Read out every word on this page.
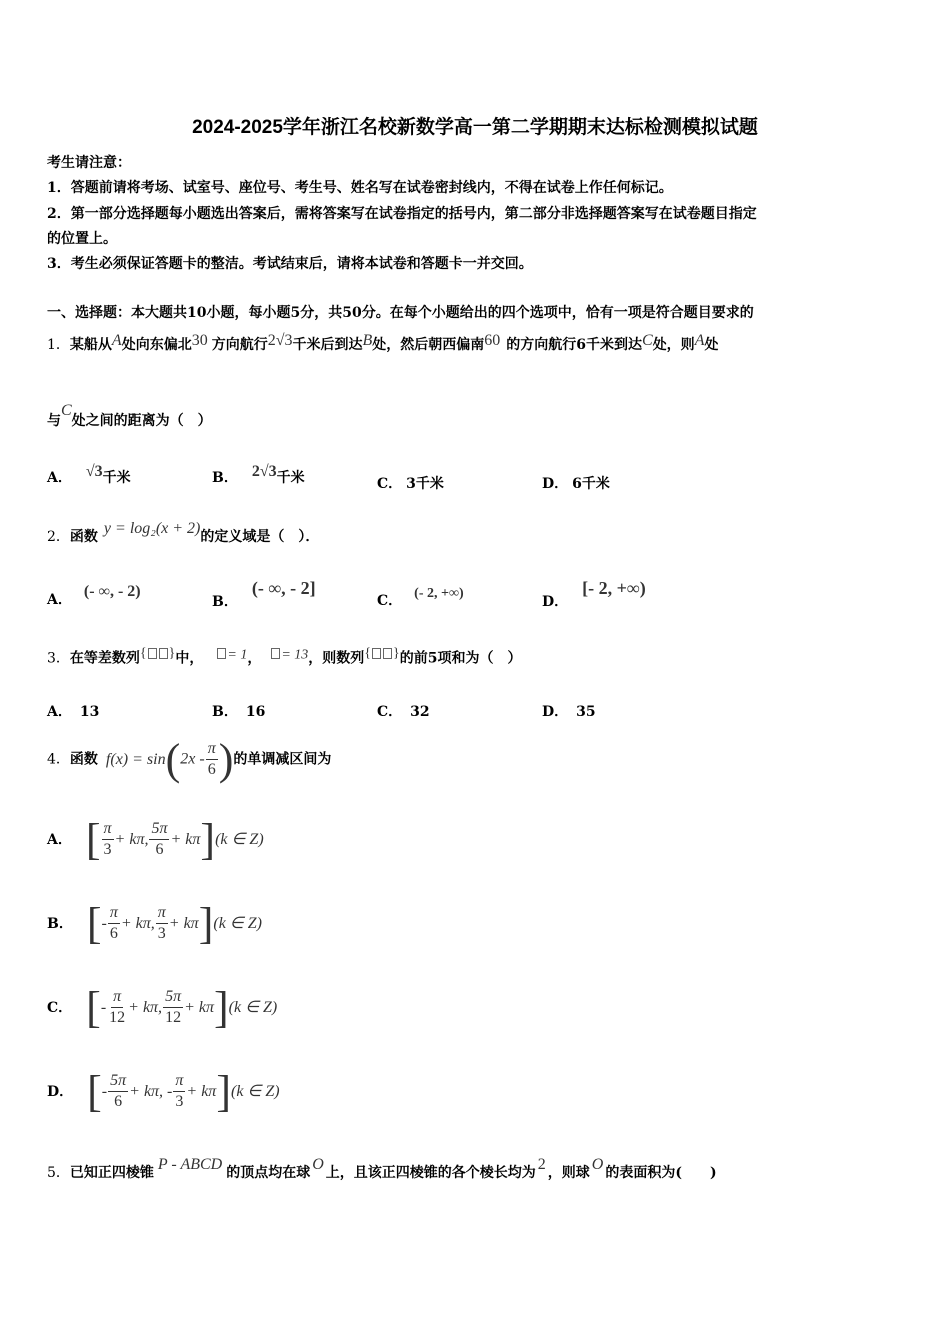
2024-2025学年浙江名校新数学高一第二学期期末达标检测模拟试题
考生请注意：
1．答题前请将考场、试室号、座位号、考生号、姓名写在试卷密封线内，不得在试卷上作任何标记。
2．第一部分选择题每小题选出答案后，需将答案写在试卷指定的括号内，第二部分非选择题答案写在试卷题目指定
的位置上。
3．考生必须保证答题卡的整洁。考试结束后，请将本试卷和答题卡一并交回。
一、选择题：本大题共10小题，每小题5分，共50分。在每个小题给出的四个选项中，恰有一项是符合题目要求的
1．某船从A处向东偏北30 方向航行2√3千米后到达B处，然后朝西偏南60 的方向航行6千米到达C处，则A处
与C处之间的距离为（　）
A． √3千米	B． 2√3千米	C． 3千米	D． 6千米
2．函数 y = log₂(x + 2)的定义域是（　）．
A． (- ∞, - 2)
B．(- ∞, - 2]
C． (- 2, +∞)
D．[- 2, +∞)
3．在等差数列{ }中， = 1， = 13，则数列{ }的前5项和为（　）
A． 13	B． 16	C． 32	D． 35
4．函数 $f(x) = \sin(2x - \frac{\pi}{6}$ )的单调减区间为
A． [ $\frac{\pi}{3} + k\pi$, $\frac{5\pi}{6} + k\pi](k$ ∈ Z)
B． [- $\frac{\pi}{6} + k\pi$, $\frac{\pi}{3} + k\pi](k$ ∈ Z)
C． [- $\frac{\pi}{12} + k\pi$, $\frac{5\pi}{12} + k\pi](k$ ∈ Z)
D． [- $\frac{5\pi}{6} + k\pi$, - $\frac{\pi}{3} + k\pi](k$ ∈ Z)
5．已知正四棱锥 P - ABCD 的顶点均在球 O 上，且该正四棱锥的各个棱长均为 2 ，则球 O 的表面积为(　　)
